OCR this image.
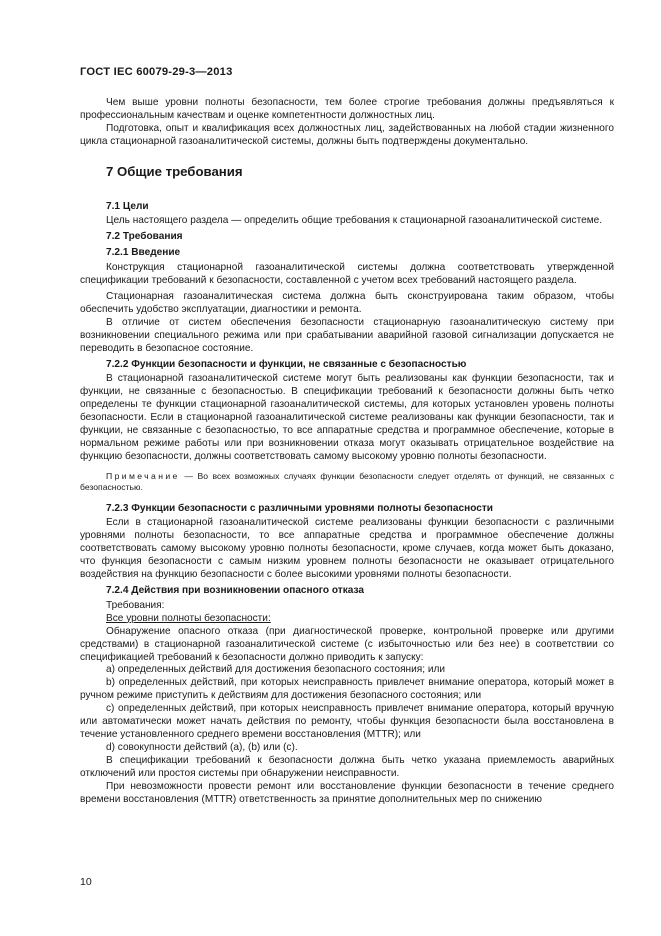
ГОСТ IEC 60079-29-3—2013

Чем выше уровни полноты безопасности, тем более строгие требования должны предъявляться к профессиональным качествам и оценке компетентности должностных лиц.

Подготовка, опыт и квалификация всех должностных лиц, задействованных на любой стадии жизненного цикла стационарной газоаналитической системы, должны быть подтверждены документально.

7 Общие требования
7.1 Цели

Цель настоящего раздела — определить общие требования к стационарной газоаналитической системе.

7.2 Требования
7.2.1 Введение

Конструкция стационарной газоаналитической системы должна соответствовать утвержденной спецификации требований к безопасности, составленной с учетом всех требований настоящего раздела.

Стационарная газоаналитическая система должна быть сконструирована таким образом, чтобы обеспечить удобство эксплуатации, диагностики и ремонта.

В отличие от систем обеспечения безопасности стационарную газоаналитическую систему при возникновении специального режима или при срабатывании аварийной газовой сигнализации допускается не переводить в безопасное состояние.

7.2.2 Функции безопасности и функции, не связанные с безопасностью

В стационарной газоаналитической системе могут быть реализованы как функции безопасности, так и функции, не связанные с безопасностью. В спецификации требований к безопасности должны быть четко определены те функции стационарной газоаналитической системы, для которых установлен уровень полноты безопасности. Если в стационарной газоаналитической системе реализованы как функции безопасности, так и функции, не связанные с безопасностью, то все аппаратные средства и программное обеспечение, которые в нормальном режиме работы или при возникновении отказа могут оказывать отрицательное воздействие на функцию безопасности, должны соответствовать самому высокому уровню полноты безопасности.

Примечание — Во всех возможных случаях функции безопасности следует отделять от функций, не связанных с безопасностью.
7.2.3 Функции безопасности с различными уровнями полноты безопасности

Если в стационарной газоаналитической системе реализованы функции безопасности с различными уровнями полноты безопасности, то все аппаратные средства и программное обеспечение должны соответствовать самому высокому уровню полноты безопасности, кроме случаев, когда может быть доказано, что функция безопасности с самым низким уровнем полноты безопасности не оказывает отрицательного воздействия на функцию безопасности с более высокими уровнями полноты безопасности.

7.2.4 Действия при возникновении опасного отказа

Требования:

Все уровни полноты безопасности:

Обнаружение опасного отказа (при диагностической проверке, контрольной проверке или другими средствами) в стационарной газоаналитической системе (с избыточностью или без нее) в соответствии со спецификацией требований к безопасности должно приводить к запуску:

a) определенных действий для достижения безопасного состояния; или

b) определенных действий, при которых неисправность привлечет внимание оператора, который может в ручном режиме приступить к действиям для достижения безопасного состояния; или

c) определенных действий, при которых неисправность привлечет внимание оператора, который вручную или автоматически может начать действия по ремонту, чтобы функция безопасности была восстановлена в течение установленного среднего времени восстановления (MTTR); или

d) совокупности действий (a), (b) или (c).

В спецификации требований к безопасности должна быть четко указана приемлемость аварийных отключений или простоя системы при обнаружении неисправности.

При невозможности провести ремонт или восстановление функции безопасности в течение среднего времени восстановления (MTTR) ответственность за принятие дополнительных мер по снижению

10
